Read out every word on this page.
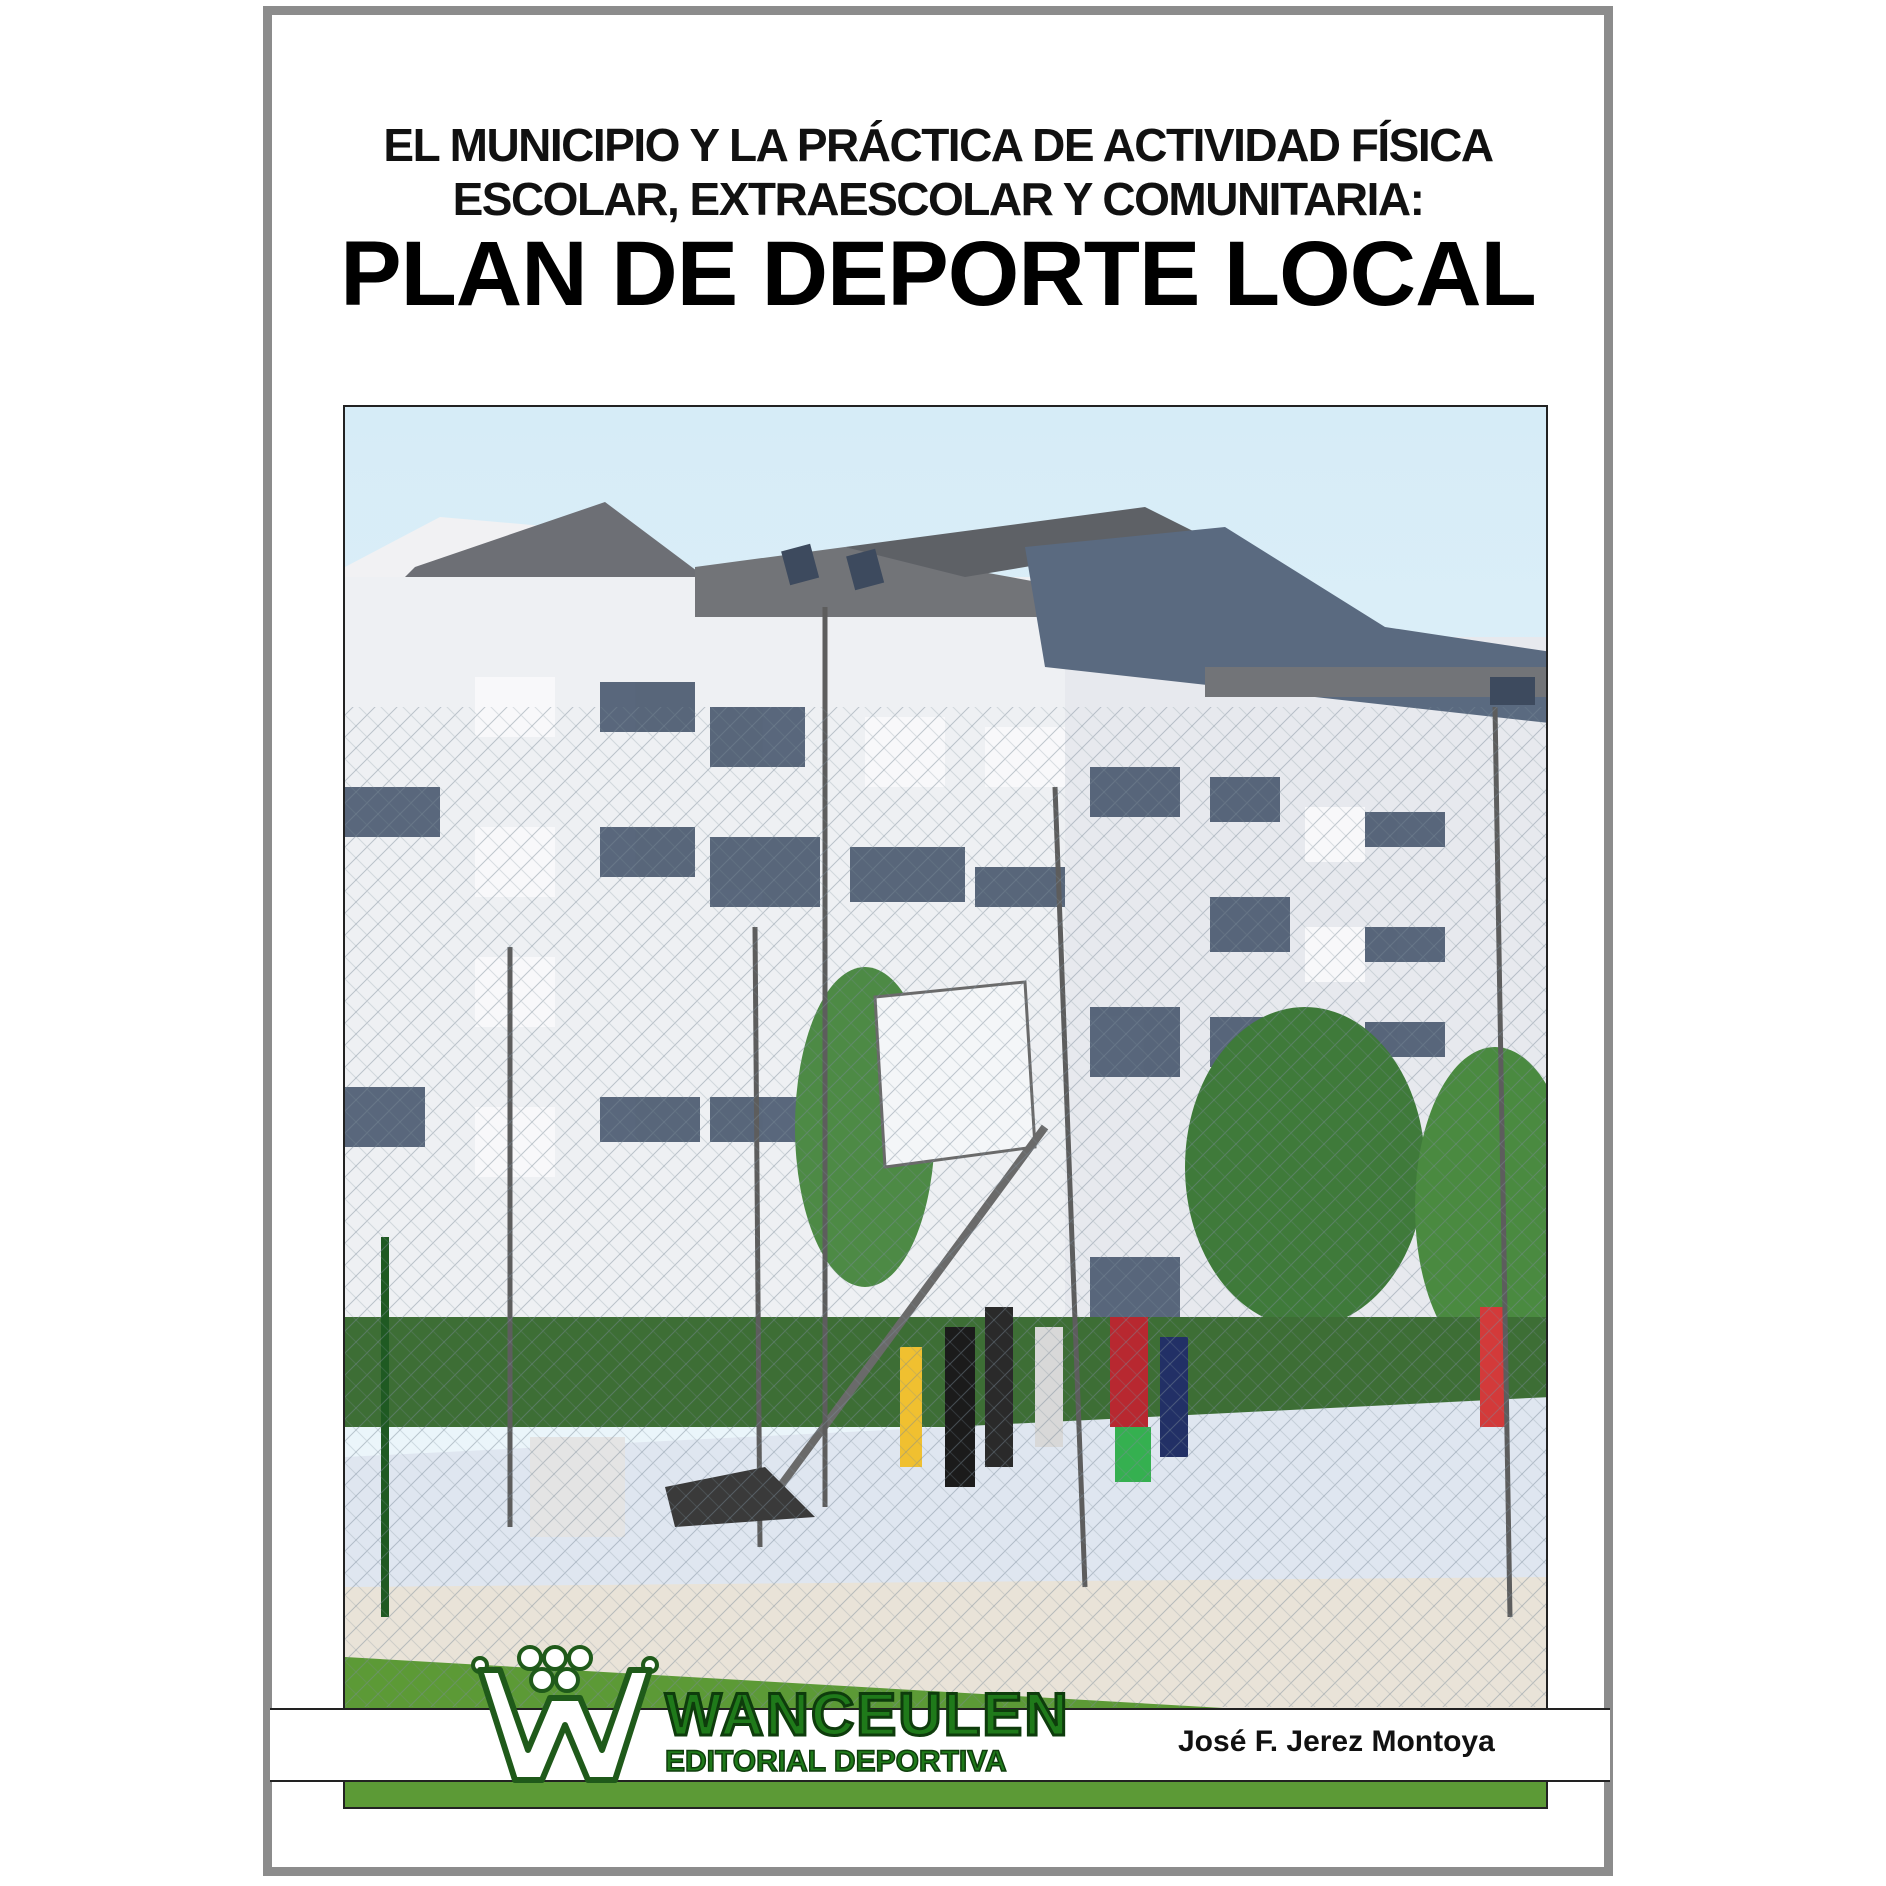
EL MUNICIPIO Y LA PRÁCTICA DE ACTIVIDAD FÍSICA
ESCOLAR, EXTRAESCOLAR Y COMUNITARIA:
PLAN DE DEPORTE LOCAL
WANCEULEN
EDITORIAL DEPORTIVA
José F. Jerez Montoya
